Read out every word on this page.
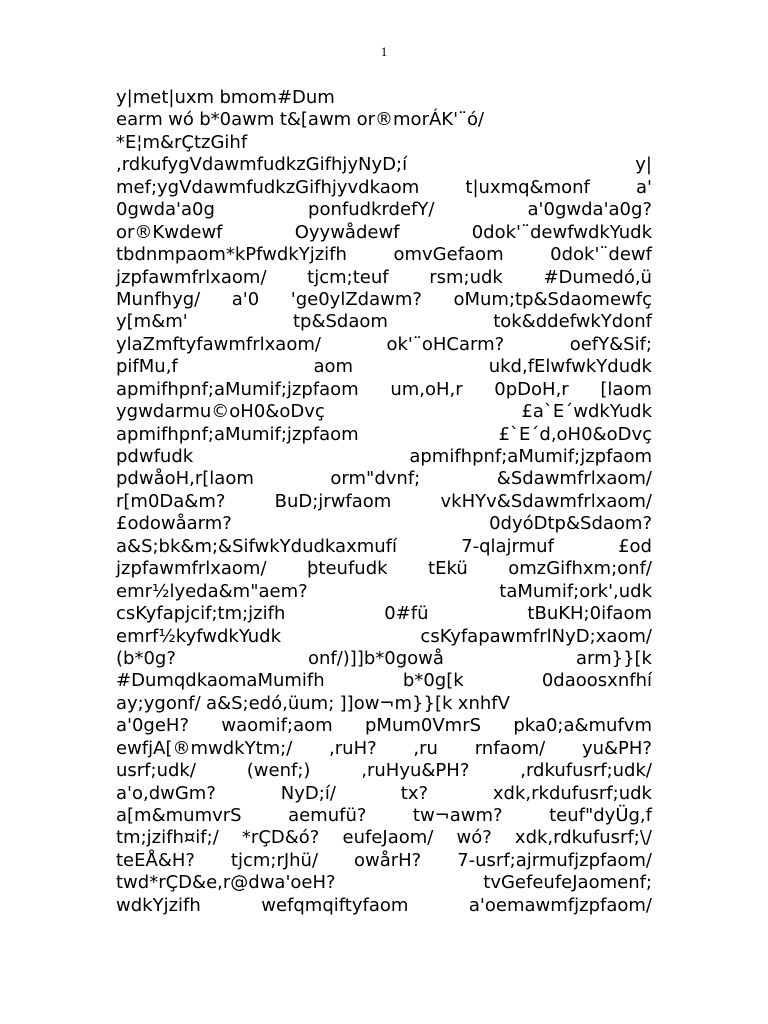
1
y|met|uxm bmom#Dum
earm wó b*0awm t&[awm or®morÁK'¨ó/
*E¦m&rÇtzGihf
,rdkufygVdawmfudkzGifhjyNyD;í	y|
mef;ygVdawmfudkzGifhjyvdkaom	t|uxmq&monf	a'
0gwda'a0g	ponfudkrdefY/	a'0gwda'a0g?
or®Kwdewf	Oyywådewf	0dok'¨dewfwdkYudk
tbdnmpaom*kPfwdkYjzifh	omvGefaom	0dok'¨dewf
jzpfawmfrlxaom/ tjcm;teuf rsm;udk #Dumedó,ü
Munfhyg/ a'0 'ge0ylZdawm? oMum;tp&Sdaomewfç
y[m&m'	tp&Sdaom	tok&ddefwkYdonf
ylaZmftyfawmfrlxaom/	ok'¨oHCarm?	oefY&Sif;
pifMu,f	aom	ukd,fElwfwkYdudk
apmifhpnf;aMumif;jzpfaom um,oH,r 0pDoH,r [laom
ygwdarmu©oH0&oDvç	£a`E´wdkYudk
apmifhpnf;aMumif;jzpfaom	£`E´d,oH0&oDvç
pdwfudk	apmifhpnf;aMumif;jzpfaom
pdwåoH,r[laom	orm"dvnf;	&Sdawmfrlxaom/
r[m0Da&m?	BuD;jrwfaom	vkHYv&Sdawmfrlxaom/
£odowåarm?	0dyóDtp&Sdaom?
a&S;bk&m;&SifwkYdudkaxmufí	7-qlajrmuf	£od
jzpfawmfrlxaom/ þteufudk tEkü omzGifhxm;onf/
emr½lyeda&m"aem?	taMumif;ork',udk
csKyfapjcif;tm;jzifh	0#fü	tBuKH;0ifaom
emrf½kyfwdkYudk	csKyfapawmfrlNyD;xaom/
(b*0g?	onf/)]]b*0gowå	arm}}[k
#DumqdkaomaMumifh	b*0g[k	0daoosxnfhí
ay;ygonf/ a&S;edó,üum; ]]ow¬m}}[k xnhfV
a'0geH? waomif;aom pMum0VmrS pka0;a&mufvm
ewfjA[®mwdkYtm;/ ,ruH? ,ru rnfaom/ yu&PH?
usrf;udk/	(wenf;)	,ruHyu&PH?	,rdkufusrf;udk/
a'o,dwGm?	NyD;í/	tx?	xdk,rkdufusrf;udk
a[m&mumvrS	aemufü?	tw¬awm?	teuf"dyÜg,f
tm;jzifh¤if;/ *rÇD&ó? eufeJaom/ wó? xdk,rdkufusrf;\/
teEÅ&H? tjcm;rJhü/ owårH? 7-usrf;ajrmufjzpfaom/
twd*rÇD&e,r@dwa'oeH?	tvGefeufeJaomenf;
wdkYjzifh	wefqmqiftyfaom	a'oemawmfjzpfaom/
